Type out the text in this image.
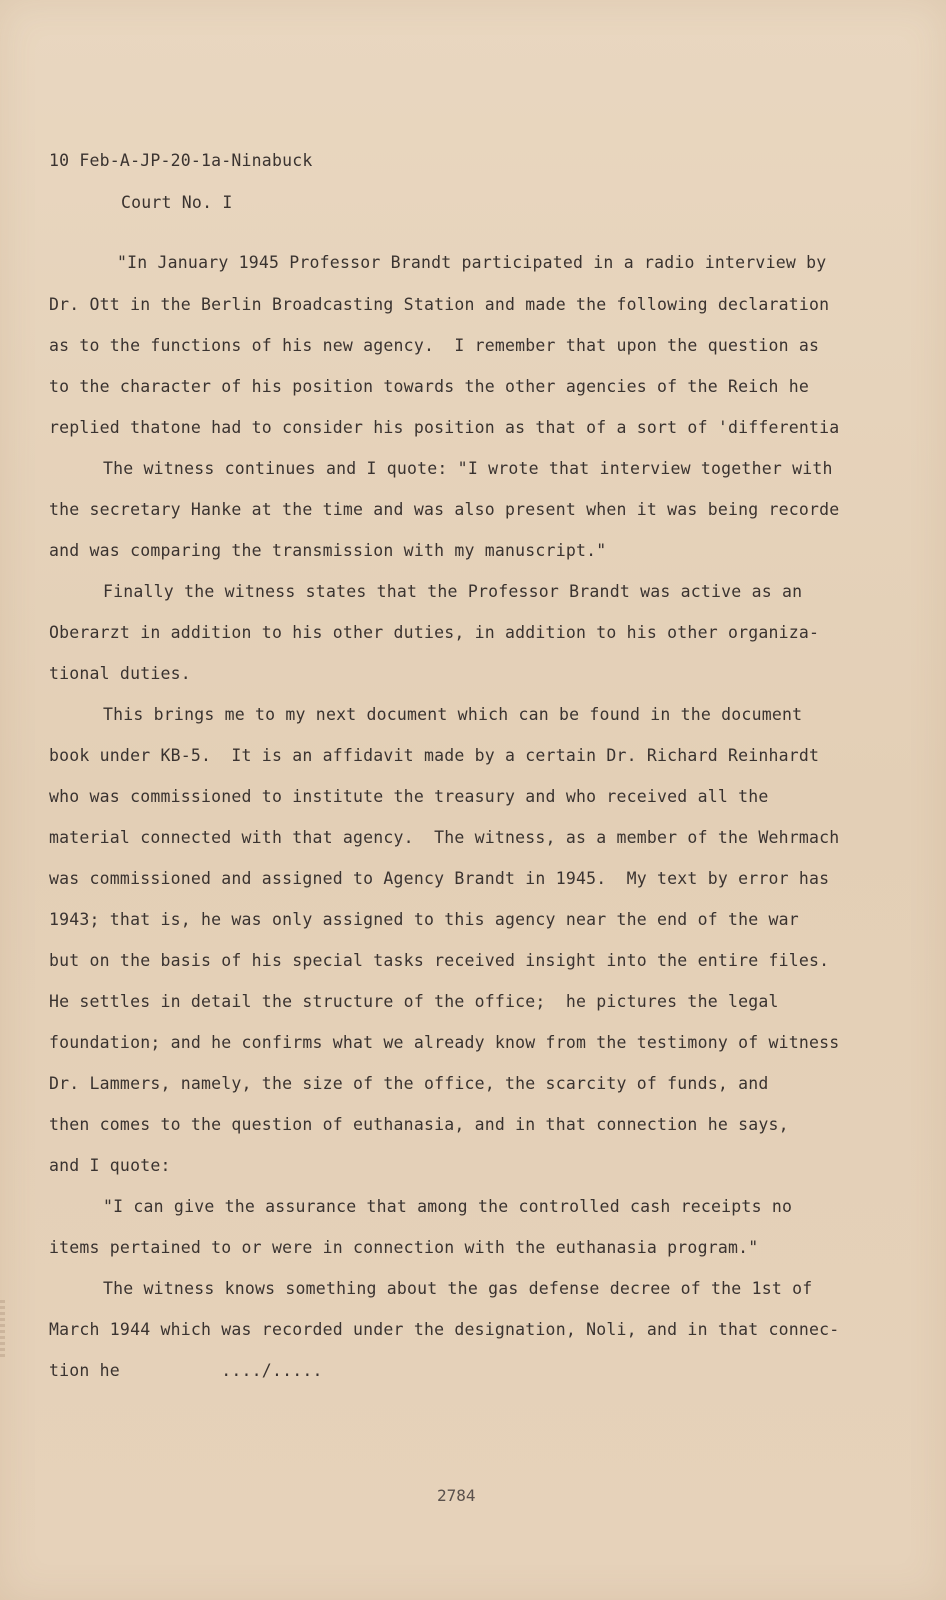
10 Feb-A-JP-20-1a-Ninabuck
Court No. I
"In January 1945 Professor Brandt participated in a radio interview by
Dr. Ott in the Berlin Broadcasting Station and made the following declaration
as to the functions of his new agency.  I remember that upon the question as
to the character of his position towards the other agencies of the Reich he
replied thatone had to consider his position as that of a sort of 'differentia
The witness continues and I quote: "I wrote that interview together with
the secretary Hanke at the time and was also present when it was being recorde
and was comparing the transmission with my manuscript."
Finally the witness states that the Professor Brandt was active as an
Oberarzt in addition to his other duties, in addition to his other organiza-
tional duties.
This brings me to my next document which can be found in the document
book under KB-5.  It is an affidavit made by a certain Dr. Richard Reinhardt
who was commissioned to institute the treasury and who received all the
material connected with that agency.  The witness, as a member of the Wehrmach
was commissioned and assigned to Agency Brandt in 1945.  My text by error has
1943; that is, he was only assigned to this agency near the end of the war
but on the basis of his special tasks received insight into the entire files.
He settles in detail the structure of the office;  he pictures the legal
foundation; and he confirms what we already know from the testimony of witness
Dr. Lammers, namely, the size of the office, the scarcity of funds, and
then comes to the question of euthanasia, and in that connection he says,
and I quote:
"I can give the assurance that among the controlled cash receipts no
items pertained to or were in connection with the euthanasia program."
The witness knows something about the gas defense decree of the 1st of
March 1944 which was recorded under the designation, Noli, and in that connec-
tion he          ..../.....
2784
